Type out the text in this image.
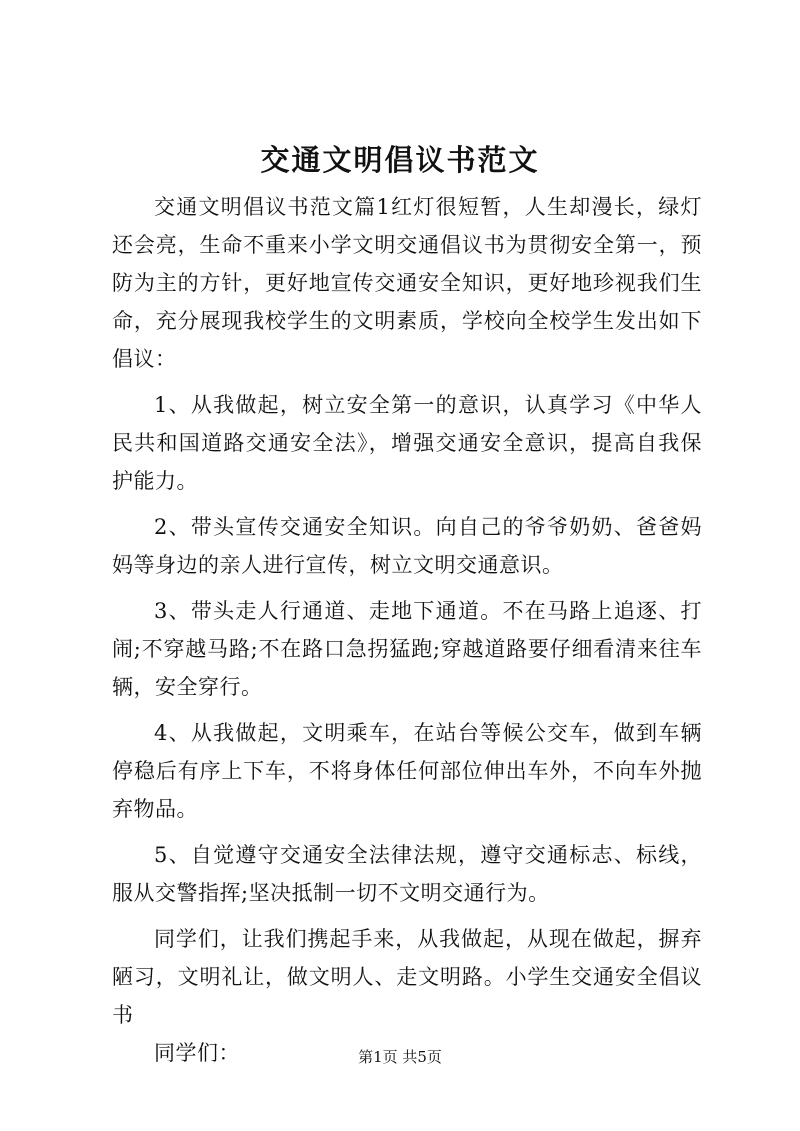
交通文明倡议书范文

交通文明倡议书范文篇1红灯很短暂，人生却漫长，绿灯还会亮，生命不重来小学文明交通倡议书为贯彻安全第一，预防为主的方针，更好地宣传交通安全知识，更好地珍视我们生命，充分展现我校学生的文明素质，学校向全校学生发出如下倡议：

1、从我做起，树立安全第一的意识，认真学习《中华人民共和国道路交通安全法》，增强交通安全意识，提高自我保护能力。

2、带头宣传交通安全知识。向自己的爷爷奶奶、爸爸妈妈等身边的亲人进行宣传，树立文明交通意识。

3、带头走人行通道、走地下通道。不在马路上追逐、打闹;不穿越马路;不在路口急拐猛跑;穿越道路要仔细看清来往车辆，安全穿行。

4、从我做起，文明乘车，在站台等候公交车，做到车辆停稳后有序上下车，不将身体任何部位伸出车外，不向车外抛弃物品。

5、自觉遵守交通安全法律法规，遵守交通标志、标线，服从交警指挥;坚决抵制一切不文明交通行为。

同学们，让我们携起手来，从我做起，从现在做起，摒弃陋习，文明礼让，做文明人、走文明路。小学生交通安全倡议书

同学们：	第1页 共5页
